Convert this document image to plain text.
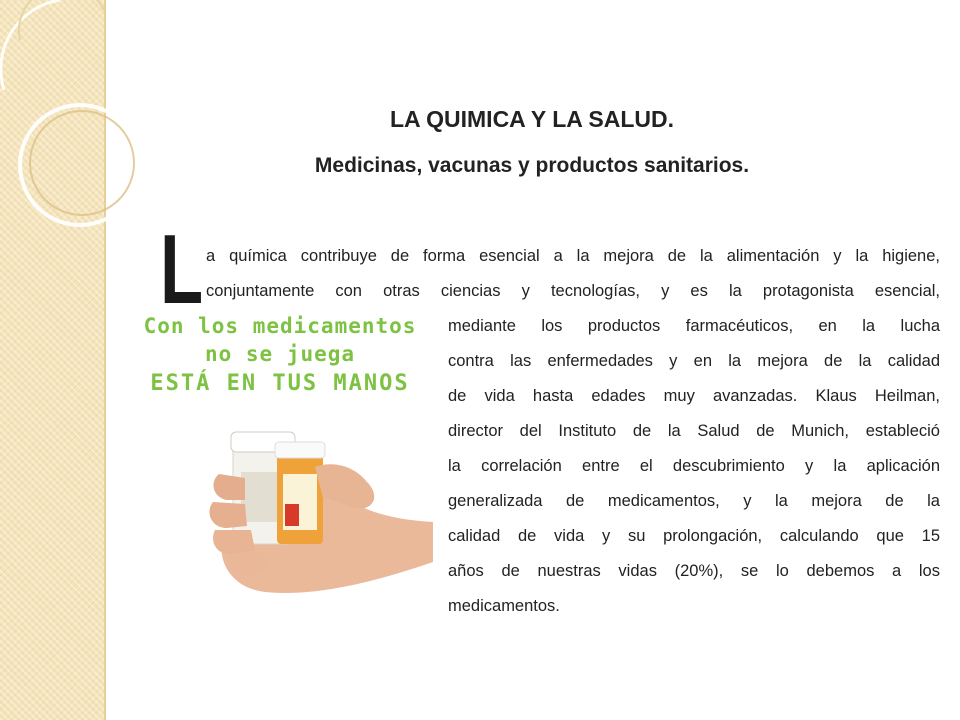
LA QUIMICA Y LA SALUD.
Medicinas, vacunas y productos sanitarios.
L
Con los medicamentos
no se juega
ESTÁ EN TUS MANOS
a química contribuye de forma esencial a la mejora de la alimentación y la higiene,
conjuntamente con otras ciencias y tecnologías, y es la protagonista esencial,
mediante los productos farmacéuticos, en la lucha
contra las enfermedades y en la mejora de la calidad
de vida hasta edades muy avanzadas. Klaus Heilman,
director del Instituto de la Salud de Munich, estableció
la correlación entre el descubrimiento y la aplicación
generalizada de medicamentos, y la mejora de la
calidad de vida y su prolongación, calculando que 15
años de nuestras vidas (20%), se lo debemos a los
medicamentos.
